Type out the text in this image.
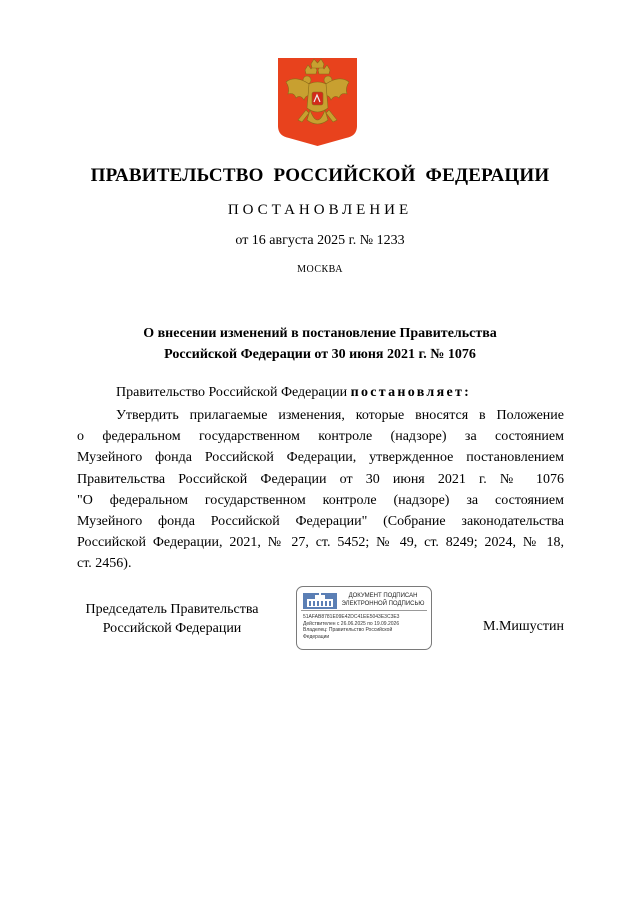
ПРАВИТЕЛЬСТВО РОССИЙСКОЙ ФЕДЕРАЦИИ
ПОСТАНОВЛЕНИЕ
от 16 августа 2025 г. № 1233
МОСКВА
О внесении изменений в постановление Правительства
Российской Федерации от 30 июня 2021 г. № 1076
Правительство Российской Федерации постановляет:
Утвердить прилагаемые изменения, которые вносятся в Положение
о федеральном государственном контроле (надзоре) за состоянием
Музейного фонда Российской Федерации, утвержденное постановлением
Правительства Российской Федерации от 30 июня 2021 г. № 1076
"О федеральном государственном контроле (надзоре) за состоянием
Музейного фонда Российской Федерации" (Собрание законодательства
Российской Федерации, 2021, № 27, ст. 5452; № 49, ст. 8249; 2024, № 18,
ст. 2456).
Председатель Правительства
Российской Федерации
ДОКУМЕНТ ПОДПИСАН
ЭЛЕКТРОННОЙ ПОДПИСЬЮ
51AFAB8781E09E42DC41EE5043E3C3E3
Действителен с 26.06.2025 по 19.09.2026
Владелец: Правительство Российской
Федерации
М.Мишустин
